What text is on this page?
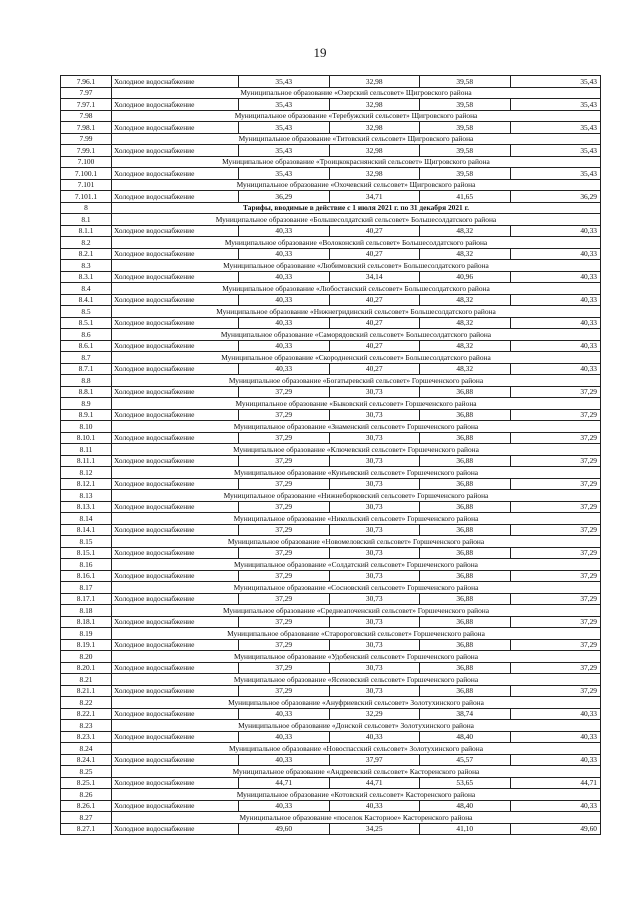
19
7.96.1	Холодное водоснабжение	35,43	32,98	39,58	35,43
7.97	Муниципальное образование «Озерский сельсовет» Щигровского района				
7.97.1	Холодное водоснабжение	35,43	32,98	39,58	35,43
7.98	Муниципальное образование «Теребужский сельсовет» Щигровского района				
7.98.1	Холодное водоснабжение	35,43	32,98	39,58	35,43
7.99	Муниципальное образование «Титовский сельсовет» Щигровского района				
7.99.1	Холодное водоснабжение	35,43	32,98	39,58	35,43
7.100	Муниципальное образование «Троицкокраснянский сельсовет» Щигровского района				
7.100.1	Холодное водоснабжение	35,43	32,98	39,58	35,43
7.101	Муниципальное образование «Охочевский сельсовет» Щигровского района				
7.101.1	Холодное водоснабжение	36,29	34,71	41,65	36,29
8	Тарифы, вводимые в действие с 1 июля 2021 г. по 31 декабря 2021 г.				
8.1	Муниципальное образование «Большесолдатский сельсовет» Большесолдатского района				
8.1.1	Холодное водоснабжение	40,33	40,27	48,32	40,33
8.2	Муниципальное образование «Волоконский сельсовет» Большесолдатского района				
8.2.1	Холодное водоснабжение	40,33	40,27	48,32	40,33
8.3	Муниципальное образование «Любимовский сельсовет» Большесолдатского района				
8.3.1	Холодное водоснабжение	40,33	34,14	40,96	40,33
8.4	Муниципальное образование «Любостанский сельсовет» Большесолдатского района				
8.4.1	Холодное водоснабжение	40,33	40,27	48,32	40,33
8.5	Муниципальное образование «Нижнегридинский сельсовет» Большесолдатского района				
8.5.1	Холодное водоснабжение	40,33	40,27	48,32	40,33
8.6	Муниципальное образование «Саморядовский сельсовет» Большесолдатского района				
8.6.1	Холодное водоснабжение	40,33	40,27	48,32	40,33
8.7	Муниципальное образование «Скородненский сельсовет» Большесолдатского района				
8.7.1	Холодное водоснабжение	40,33	40,27	48,32	40,33
8.8	Муниципальное образование «Богатыревский сельсовет» Горшеченского района				
8.8.1	Холодное водоснабжение	37,29	30,73	36,88	37,29
8.9	Муниципальное образование «Быковский сельсовет» Горшеченского района				
8.9.1	Холодное водоснабжение	37,29	30,73	36,88	37,29
8.10	Муниципальное образование «Знаменский сельсовет» Горшеченского района				
8.10.1	Холодное водоснабжение	37,29	30,73	36,88	37,29
8.11	Муниципальное образование «Ключевский сельсовет» Горшеченского района				
8.11.1	Холодное водоснабжение	37,29	30,73	36,88	37,29
8.12	Муниципальное образование «Кунъевский сельсовет» Горшеченского района				
8.12.1	Холодное водоснабжение	37,29	30,73	36,88	37,29
8.13	Муниципальное образование «Нижнеборковский сельсовет» Горшеченского района				
8.13.1	Холодное водоснабжение	37,29	30,73	36,88	37,29
8.14	Муниципальное образование «Никольский сельсовет» Горшеченского района				
8.14.1	Холодное водоснабжение	37,29	30,73	36,88	37,29
8.15	Муниципальное образование «Новомеловский сельсовет» Горшеченского района				
8.15.1	Холодное водоснабжение	37,29	30,73	36,88	37,29
8.16	Муниципальное образование «Солдатский сельсовет» Горшеченского района				
8.16.1	Холодное водоснабжение	37,29	30,73	36,88	37,29
8.17	Муниципальное образование «Сосновский сельсовет» Горшеченского района				
8.17.1	Холодное водоснабжение	37,29	30,73	36,88	37,29
8.18	Муниципальное образование «Среднеапоченский сельсовет» Горшеченского района				
8.18.1	Холодное водоснабжение	37,29	30,73	36,88	37,29
8.19	Муниципальное образование «Старороговский сельсовет» Горшеченского района				
8.19.1	Холодное водоснабжение	37,29	30,73	36,88	37,29
8.20	Муниципальное образование «Удобенский сельсовет» Горшеченского района				
8.20.1	Холодное водоснабжение	37,29	30,73	36,88	37,29
8.21	Муниципальное образование «Ясеновский сельсовет» Горшеченского района				
8.21.1	Холодное водоснабжение	37,29	30,73	36,88	37,29
8.22	Муниципальное образование «Ануфриевский сельсовет» Золотухинского района				
8.22.1	Холодное водоснабжение	40,33	32,29	38,74	40,33
8.23	Муниципальное образование «Донской сельсовет» Золотухинского района				
8.23.1	Холодное водоснабжение	40,33	40,33	48,40	40,33
8.24	Муниципальное образование «Новоспасский сельсовет» Золотухинского района				
8.24.1	Холодное водоснабжение	40,33	37,97	45,57	40,33
8.25	Муниципальное образование «Андреевский сельсовет» Касторенского района				
8.25.1	Холодное водоснабжение	44,71	44,71	53,65	44,71
8.26	Муниципальное образование «Котовский сельсовет» Касторенского района				
8.26.1	Холодное водоснабжение	40,33	40,33	48,40	40,33
8.27	Муниципальное образование «поселок Касторное» Касторенского района				
8.27.1	Холодное водоснабжение	49,60	34,25	41,10	49,60
